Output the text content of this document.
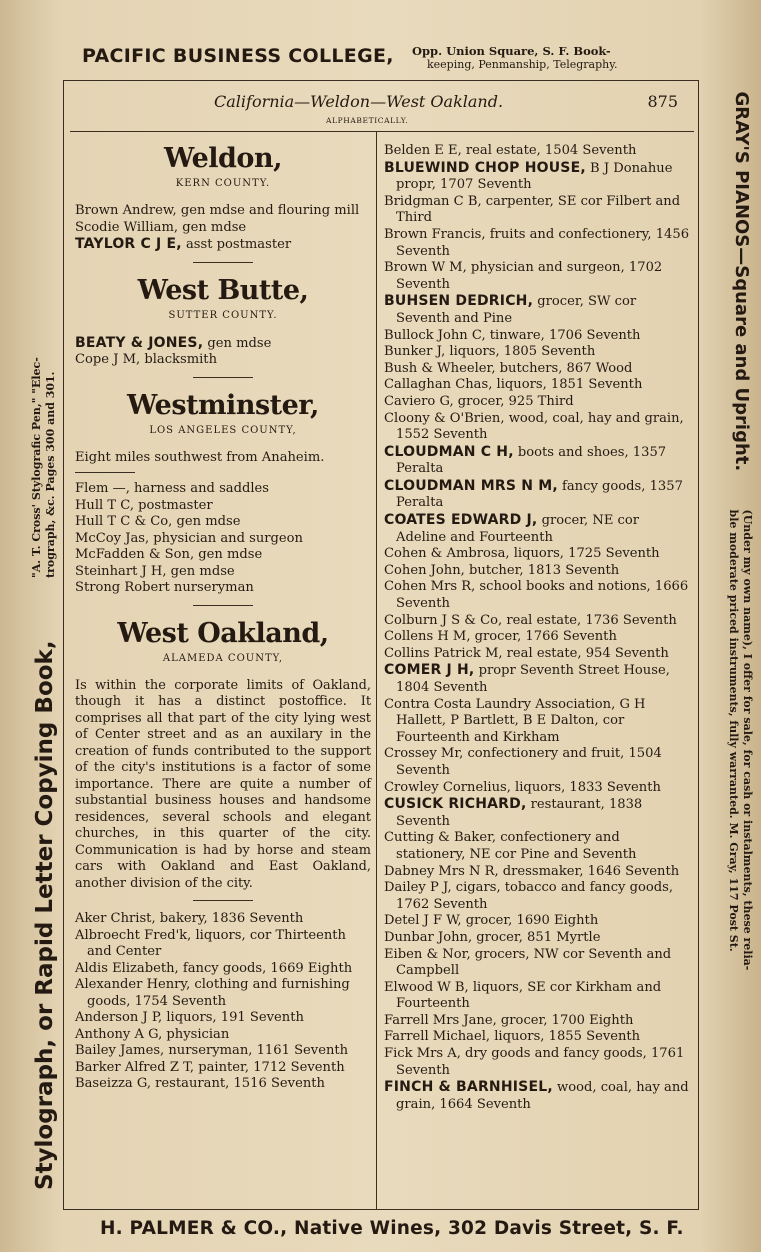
PACIFIC BUSINESS COLLEGE, Opp. Union Square, S. F. Book-
keeping, Penmanship, Telegraphy.
Stylograph, or Rapid Letter Copying Book,
"A. T. Cross' Stylografic Pen," "Elec- trograph, &c. Pages 300 and 301.
GRAY'S PIANOS—Square and Upright.
(Under my own name), I offer for sale, for cash or instalments, these relia-
ble moderate priced instruments, fully warranted. M. Gray, 117 Post St.
California—Weldon—West Oakland.	875
ALPHABETICALLY.
Weldon,
KERN COUNTY.
Brown Andrew, gen mdse and flouring mill
Scodie William, gen mdse
TAYLOR C J E, asst postmaster
West Butte,
SUTTER COUNTY.
BEATY & JONES, gen mdse
Cope J M, blacksmith
Westminster,
LOS ANGELES COUNTY,
Eight miles southwest from Anaheim.
Flem —, harness and saddles
Hull T C, postmaster
Hull T C & Co, gen mdse
McCoy Jas, physician and surgeon
McFadden & Son, gen mdse
Steinhart J H, gen mdse
Strong Robert nurseryman
West Oakland,
ALAMEDA COUNTY,
Is within the corporate limits of Oakland, though it has a distinct postoffice. It comprises all that part of the city lying west of Center street and as an auxilary in the creation of funds contributed to the support of the city's institutions is a factor of some importance. There are quite a number of substantial business houses and handsome residences, several schools and elegant churches, in this quarter of the city. Communication is had by horse and steam cars with Oakland and East Oakland, another division of the city.
Aker Christ, bakery, 1836 Seventh
Albroecht Fred'k, liquors, cor Thirteenth and Center
Aldis Elizabeth, fancy goods, 1669 Eighth
Alexander Henry, clothing and furnishing goods, 1754 Seventh
Anderson J P, liquors, 191 Seventh
Anthony A G, physician
Bailey James, nurseryman, 1161 Seventh
Barker Alfred Z T, painter, 1712 Seventh
Baseizza G, restaurant, 1516 Seventh
Belden E E, real estate, 1504 Seventh
BLUEWIND CHOP HOUSE, B J Donahue propr, 1707 Seventh
Bridgman C B, carpenter, SE cor Filbert and Third
Brown Francis, fruits and confectionery, 1456 Seventh
Brown W M, physician and surgeon, 1702 Seventh
BUHSEN DEDRICH, grocer, SW cor Seventh and Pine
Bullock John C, tinware, 1706 Seventh
Bunker J, liquors, 1805 Seventh
Bush & Wheeler, butchers, 867 Wood
Callaghan Chas, liquors, 1851 Seventh
Caviero G, grocer, 925 Third
Cloony & O'Brien, wood, coal, hay and grain, 1552 Seventh
CLOUDMAN C H, boots and shoes, 1357 Peralta
CLOUDMAN MRS N M, fancy goods, 1357 Peralta
COATES EDWARD J, grocer, NE cor Adeline and Fourteenth
Cohen & Ambrosa, liquors, 1725 Seventh
Cohen John, butcher, 1813 Seventh
Cohen Mrs R, school books and notions, 1666 Seventh
Colburn J S & Co, real estate, 1736 Seventh
Collens H M, grocer, 1766 Seventh
Collins Patrick M, real estate, 954 Seventh
COMER J H, propr Seventh Street House, 1804 Seventh
Contra Costa Laundry Association, G H Hallett, P Bartlett, B E Dalton, cor Fourteenth and Kirkham
Crossey Mr, confectionery and fruit, 1504 Seventh
Crowley Cornelius, liquors, 1833 Seventh
CUSICK RICHARD, restaurant, 1838 Seventh
Cutting & Baker, confectionery and stationery, NE cor Pine and Seventh
Dabney Mrs N R, dressmaker, 1646 Seventh
Dailey P J, cigars, tobacco and fancy goods, 1762 Seventh
Detel J F W, grocer, 1690 Eighth
Dunbar John, grocer, 851 Myrtle
Eiben & Nor, grocers, NW cor Seventh and Campbell
Elwood W B, liquors, SE cor Kirkham and Fourteenth
Farrell Mrs Jane, grocer, 1700 Eighth
Farrell Michael, liquors, 1855 Seventh
Fick Mrs A, dry goods and fancy goods, 1761 Seventh
FINCH & BARNHISEL, wood, coal, hay and grain, 1664 Seventh
H. PALMER & CO., Native Wines, 302 Davis Street, S. F.
